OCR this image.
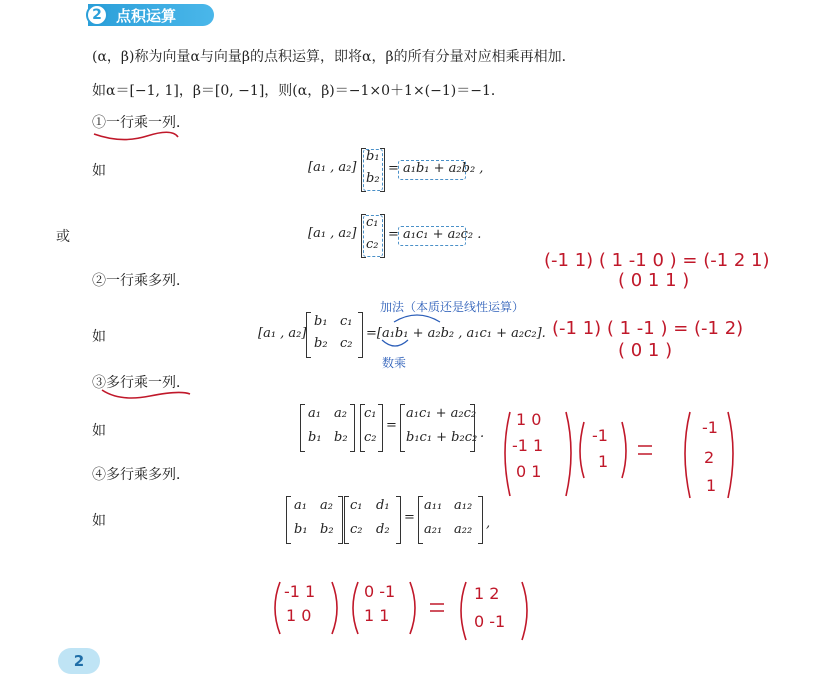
2 点积运算
(α，β)称为向量α与向量β的点积运算，即将α，β的所有分量对应相乘再相加．
如α＝[−1, 1]，β＝[0, −1]，则(α，β)＝−1×0＋1×(−1)＝−1．
①一行乘一列．
如	[a₁ , a₂]
b₁
b₂
= a₁b₁ + a₂b₂ ,
或	[a₁ , a₂]
c₁
c₂
= a₁c₁ + a₂c₂ .
②一行乘多列．
加法（本质还是线性运算）
如	[a₁ , a₂]
b₁ c₁
b₂ c₂
=[a₁b₁ + a₂b₂ , a₁c₁ + a₂c₂].
数乘
③多行乘一列．
如
a₁ a₂
b₁ b₂
c₁
c₂
=
a₁c₁ + a₂c₂
b₁c₁ + b₂c₂ .
④多行乘多列．
如
a₁ a₂
b₁ b₂
c₁ d₁
c₂ d₂
=
a₁₁ a₁₂
a₂₁ a₂₂ ,
(-1 1) ( 1 -1 0 ) = (-1 2 1)
( 0 1 1 )
(-1 1) ( 1 -1 ) = (-1 2)
( 0 1 )
1 0
-1 1
0 1
-1
1
-1
2
1
-1 1
1 0
0 -1
1 1
1 2
0 -1
2
